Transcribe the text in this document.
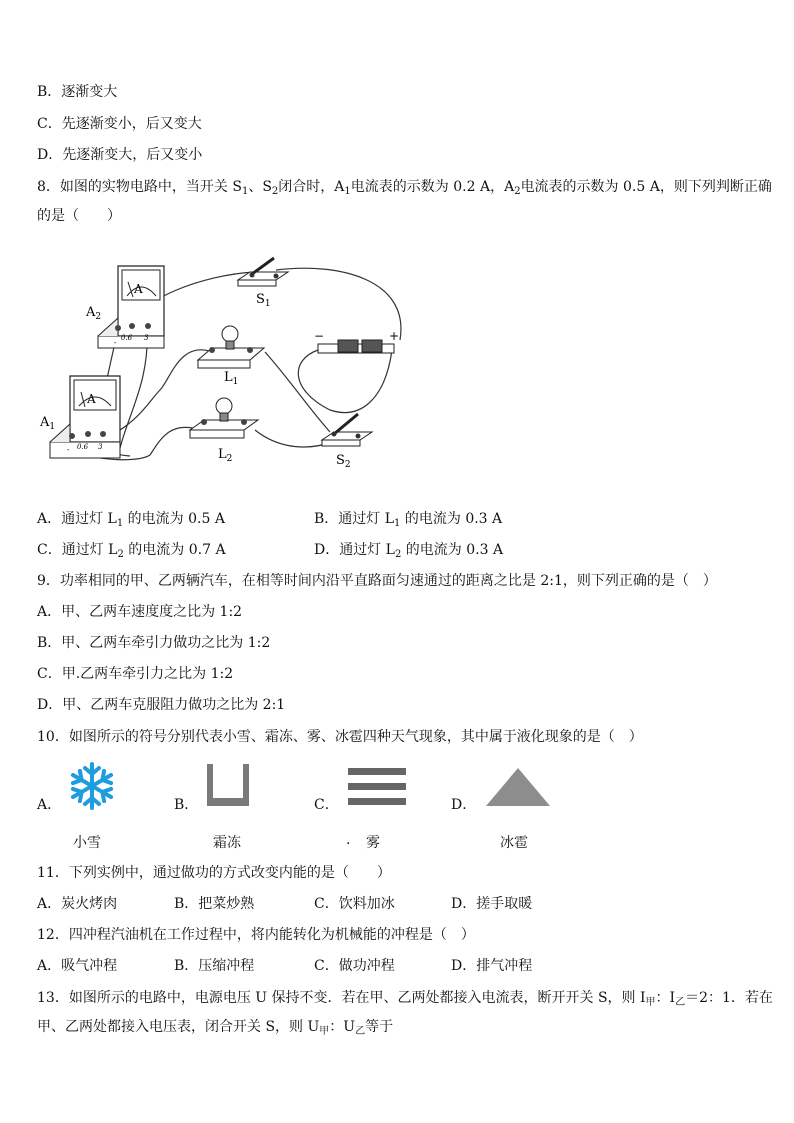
B．逐渐变大
C．先逐渐变小，后又变大
D．先逐渐变大，后又变小
8．如图的实物电路中，当开关 $S_1$、$S_2$闭合时，$A_1$电流表的示数为 0.2 A，$A_2$电流表的示数为 0.5 A，则下列判断正确
的是（　　）
A
-
0.6 3
$A_2$
A
- 0.6 3
$A_1$
$S_1$
−	+
$L_1$
$L_2$	$S_2$
A．通过灯 $L_1$ 的电流为 0.5 A	B．通过灯 $L_1$ 的电流为 0.3 A
C．通过灯 $L_2$ 的电流为 0.7 A	D．通过灯 $L_2$ 的电流为 0.3 A
9．功率相同的甲、乙两辆汽车，在相等时间内沿平直路面匀速通过的距离之比是 2:1，则下列正确的是（　）
A．甲、乙两车速度度之比为 1:2
B．甲、乙两车牵引力做功之比为 1:2
C．甲.乙两车牵引力之比为 1:2
D．甲、乙两车克服阻力做功之比为 2:1
10．如图所示的符号分别代表小雪、霜冻、雾、冰雹四种天气现象，其中属于液化现象的是（　）
A．	B．	C．	D．
小雪	霜冻	. 雾	冰雹
11．下列实例中，通过做功的方式改变内能的是（　　）
A．炭火烤肉	B．把菜炒熟	C．饮料加冰	D．搓手取暖
12．四冲程汽油机在工作过程中，将内能转化为机械能的冲程是（　）
A．吸气冲程	B．压缩冲程	C．做功冲程	D．排气冲程
13．如图所示的电路中，电源电压 U 保持不变．若在甲、乙两处都接入电流表，断开开关 S，则 $I_甲$：$I_乙=2$：1．若在
甲、乙两处都接入电压表，闭合开关 S，则 $U_甲$：$U_乙$等于
